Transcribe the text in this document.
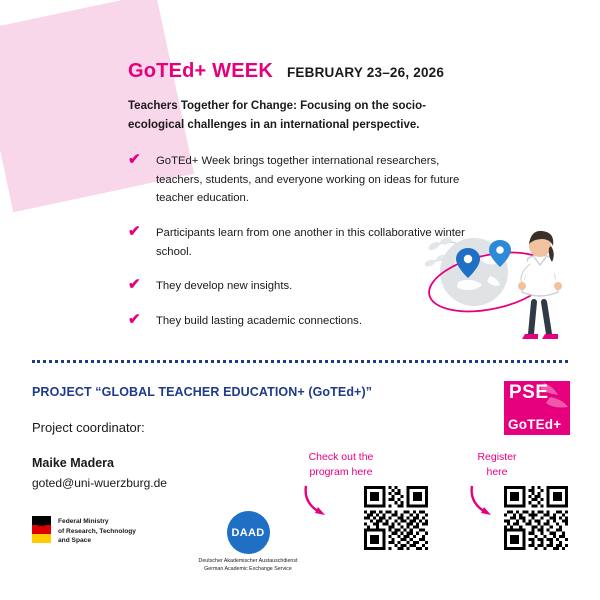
GoTEd+ WEEK FEBRUARY 23–26, 2026
Teachers Together for Change: Focusing on the socio-ecological challenges in an international perspective.
✔ GoTEd+ Week brings together international researchers, teachers, students, and everyone working on ideas for future teacher education.
✔ Participants learn from one another in this collaborative winter school.
✔ They develop new insights.
✔ They build lasting academic connections.
PROJECT “GLOBAL TEACHER EDUCATION+ (GoTEd+)”
Project coordinator:
Maike Madera
goted@uni-wuerzburg.de
PSE
GoTEd+
Federal Ministry
of Research, Technology
and Space
DAAD
Deutscher Akademischer Austauschdienst
German Academic Exchange Service
Check out the
program here
Register
here
